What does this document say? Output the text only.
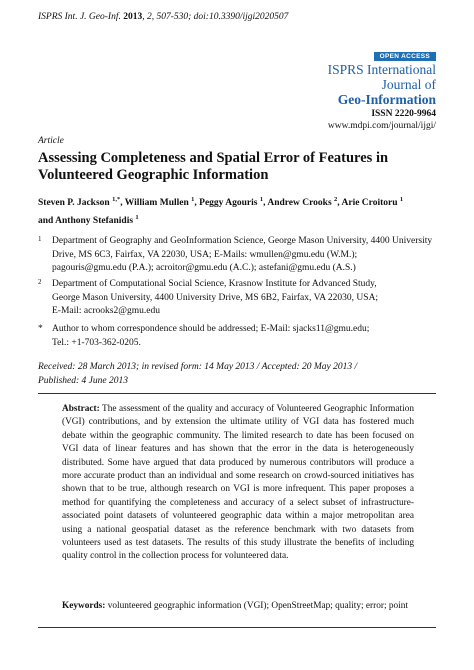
ISPRS Int. J. Geo-Inf. 2013, 2, 507-530; doi:10.3390/ijgi2020507
OPEN ACCESS
ISPRS International
Journal of
Geo-Information
ISSN 2220-9964
www.mdpi.com/journal/ijgi/
Article
Assessing Completeness and Spatial Error of Features in
Volunteered Geographic Information
Steven P. Jackson $^{1,*}$, William Mullen $^1$, Peggy Agouris $^1$, Andrew Crooks $^2$, Arie Croitoru $^1$
and Anthony Stefanidis $^1$
1 Department of Geography and GeoInformation Science, George Mason University, 4400 University
Drive, MS 6C3, Fairfax, VA 22030, USA; E-Mails: wmullen@gmu.edu (W.M.);
pagouris@gmu.edu (P.A.); acroitor@gmu.edu (A.C.); astefani@gmu.edu (A.S.)
2 Department of Computational Social Science, Krasnow Institute for Advanced Study,
George Mason University, 4400 University Drive, MS 6B2, Fairfax, VA 22030, USA;
E-Mail: acrooks2@gmu.edu
* Author to whom correspondence should be addressed; E-Mail: sjacks11@gmu.edu;
Tel.: +1-703-362-0205.
Received: 28 March 2013; in revised form: 14 May 2013 / Accepted: 20 May 2013 /
Published: 4 June 2013
Abstract: The assessment of the quality and accuracy of Volunteered Geographic Information (VGI) contributions, and by extension the ultimate utility of VGI data has fostered much debate within the geographic community. The limited research to date has been focused on VGI data of linear features and has shown that the error in the data is heterogeneously distributed. Some have argued that data produced by numerous contributors will produce a more accurate product than an individual and some research on crowd-sourced initiatives has shown that to be true, although research on VGI is more infrequent. This paper proposes a method for quantifying the completeness and accuracy of a select subset of infrastructure-associated point datasets of volunteered geographic data within a major metropolitan area using a national geospatial dataset as the reference benchmark with two datasets from volunteers used as test datasets. The results of this study illustrate the benefits of including quality control in the collection process for volunteered data.
Keywords: volunteered geographic information (VGI); OpenStreetMap; quality; error; point
